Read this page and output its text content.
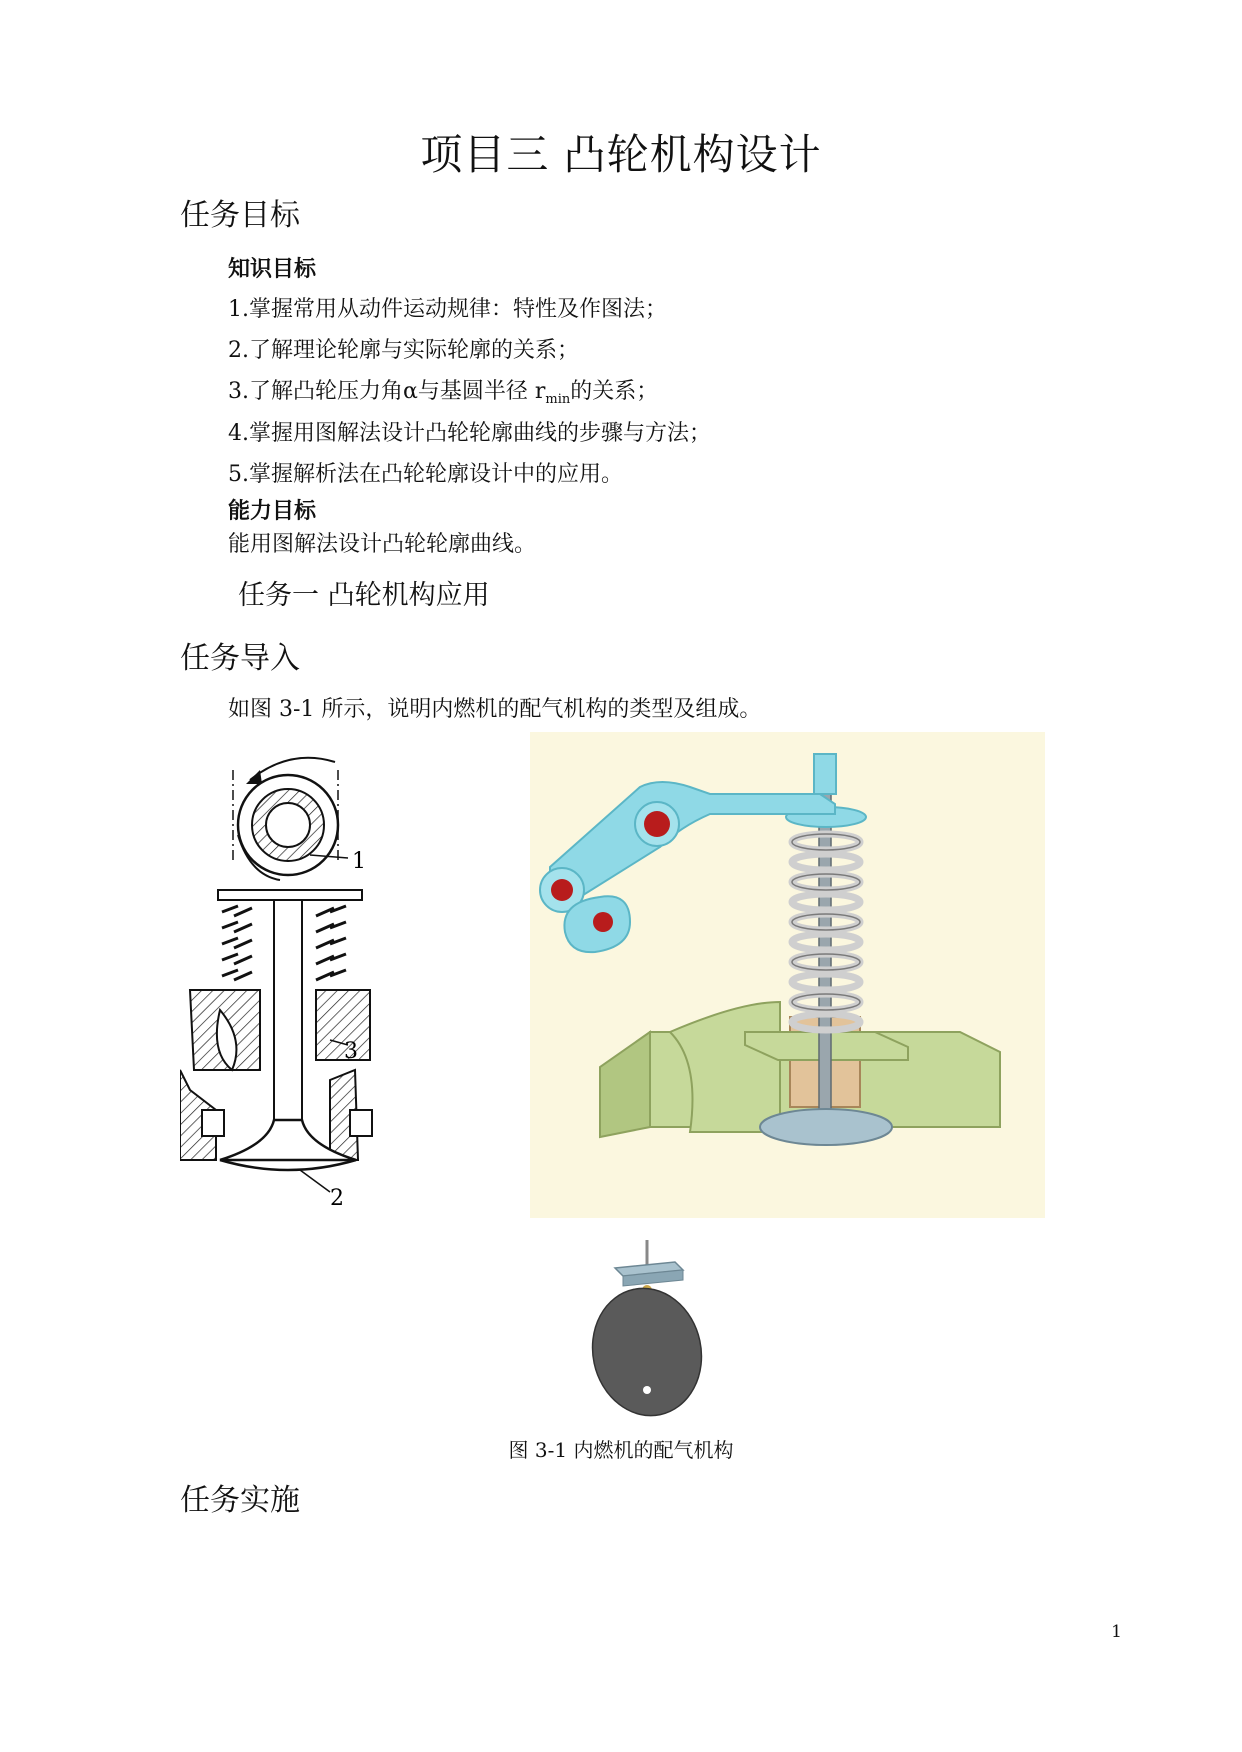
项目三 凸轮机构设计
任务目标
知识目标
1.掌握常用从动件运动规律：特性及作图法；
2.了解理论轮廓与实际轮廓的关系；
3.了解凸轮压力角α与基圆半径 $r_{min}$的关系；
4.掌握用图解法设计凸轮轮廓曲线的步骤与方法；
5.掌握解析法在凸轮轮廓设计中的应用。
能力目标
能用图解法设计凸轮轮廓曲线。
任务一 凸轮机构应用
任务导入
如图 3-1 所示，说明内燃机的配气机构的类型及组成。
1
3
2
图 3-1 内燃机的配气机构
任务实施
1
